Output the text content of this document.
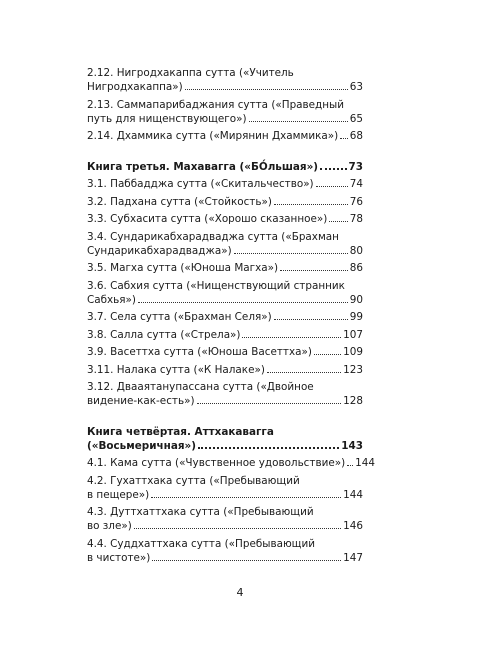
2.12. Нигродхакаппа сутта («Учитель
Нигродхакаппа»)	63
2.13. Саммапарибаджания сутта («Праведный
путь для нищенствующего»)	65
2.14. Дхаммика сутта («Мирянин Дхаммика») 68
Книга третья. Махавагга («БО́льшая»)	73
3.1. Паббадджа сутта («Скитальчество»)	74
3.2. Падхана сутта («Стойкость»)	76
3.3. Субхасита сутта («Хорошо сказанное») 78
3.4. Сундарикабхарадваджа сутта («Брахман
Сундарикабхарадваджа»)	80
3.5. Магха сутта («Юноша Магха»)	86
3.6. Сабхия сутта («Нищенствующий странник
Сабхья»)	90
3.7. Села сутта («Брахман Селя»)	99
3.8. Салла сутта («Стрела»)	107
3.9. Васеттха сутта («Юноша Васеттха»)	109
3.11. Налака сутта («К Налаке»)	123
3.12. Двааятанупассана сутта («Двойное
видение-как-есть»)	128
Книга четвёртая. Аттхакавагга
(«Восьмеричная»)	143
4.1. Кама сутта («Чувственное удовольствие») 144
4.2. Гухаттхака сутта («Пребывающий
в пещере»)	144
4.3. Дуттхаттхака сутта («Пребывающий
во зле»)	146
4.4. Суддхаттхака сутта («Пребывающий
в чистоте»)	147
4
